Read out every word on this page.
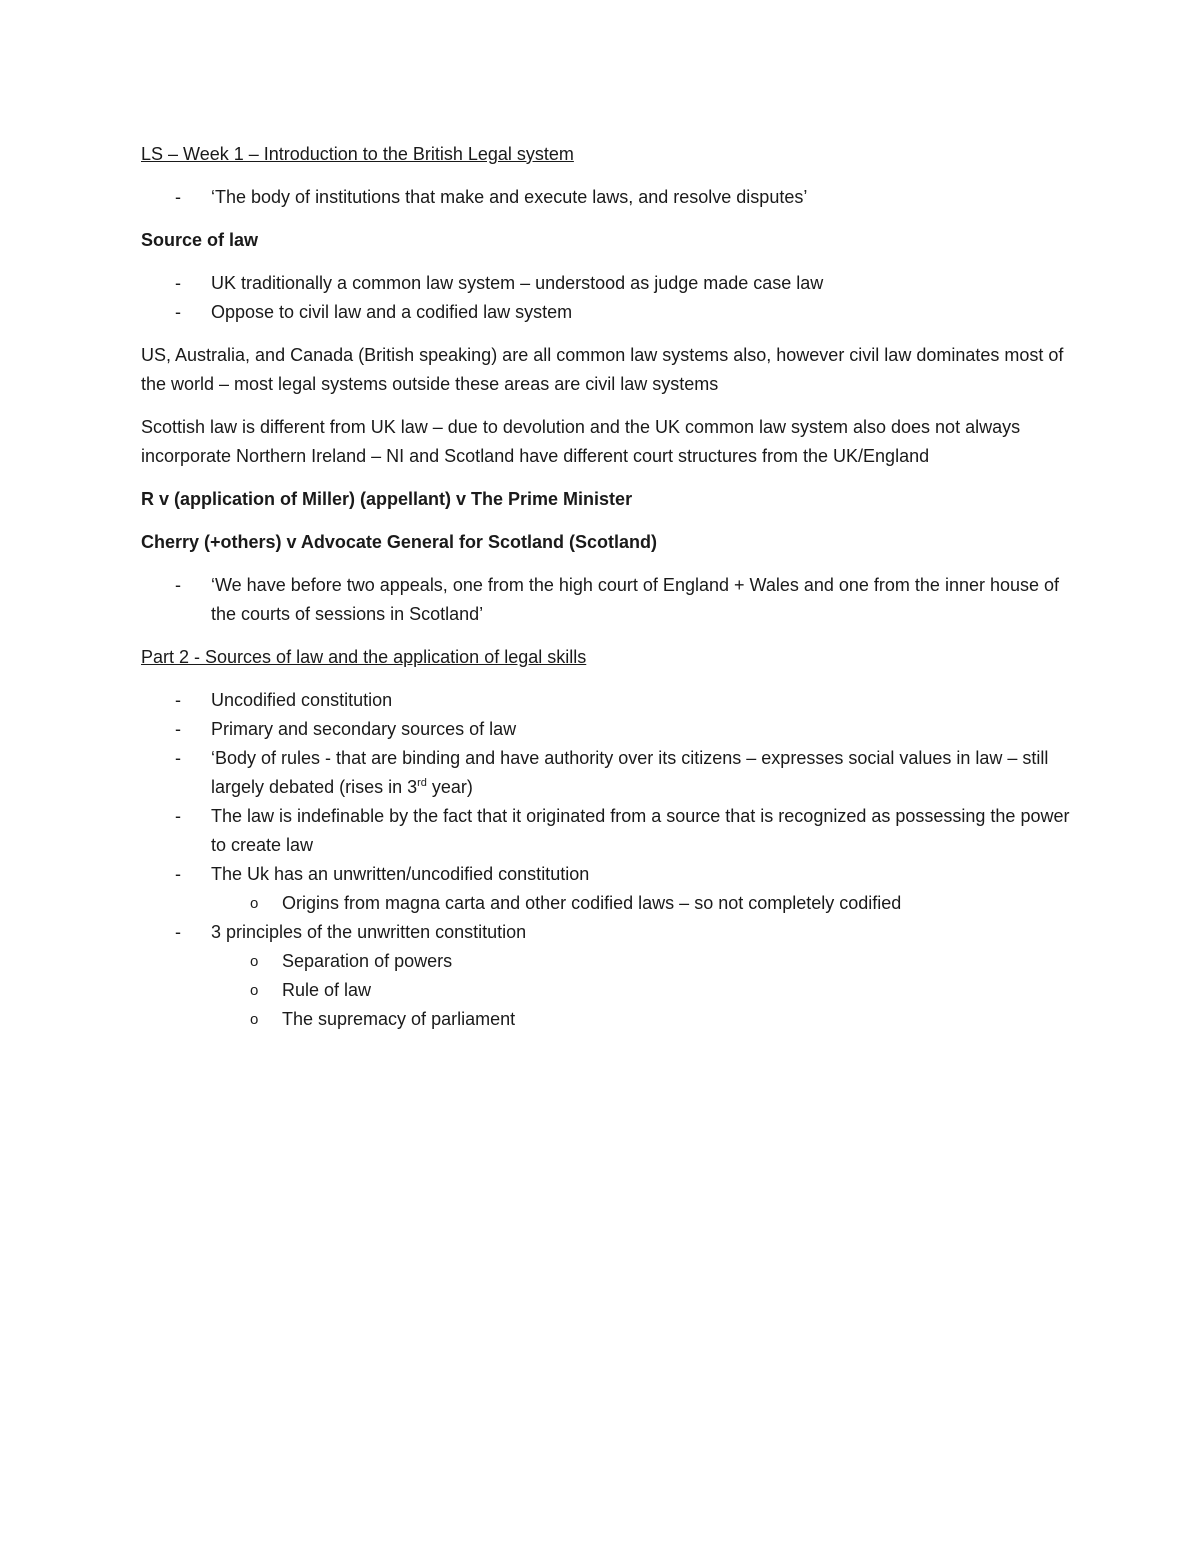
LS – Week 1 – Introduction to the British Legal system

- ‘The body of institutions that make and execute laws, and resolve disputes’

Source of law

- UK traditionally a common law system – understood as judge made case law

- Oppose to civil law and a codified law system

US, Australia, and Canada (British speaking) are all common law systems also, however civil law dominates most of the world – most legal systems outside these areas are civil law systems

Scottish law is different from UK law – due to devolution and the UK common law system also does not always incorporate Northern Ireland – NI and Scotland have different court structures from the UK/England

R v (application of Miller) (appellant) v The Prime Minister

Cherry (+others) v Advocate General for Scotland (Scotland)

- ‘We have before two appeals, one from the high court of England + Wales and one from the inner house of the courts of sessions in Scotland’

Part 2 - Sources of law and the application of legal skills

- Uncodified constitution

- Primary and secondary sources of law

- ‘Body of rules - that are binding and have authority over its citizens – expresses social values in law – still largely debated (rises in 3rd year)

- The law is indefinable by the fact that it originated from a source that is recognized as possessing the power to create law

- The Uk has an unwritten/uncodified constitution

o Origins from magna carta and other codified laws – so not completely codified

- 3 principles of the unwritten constitution

o Separation of powers

o Rule of law

o The supremacy of parliament
